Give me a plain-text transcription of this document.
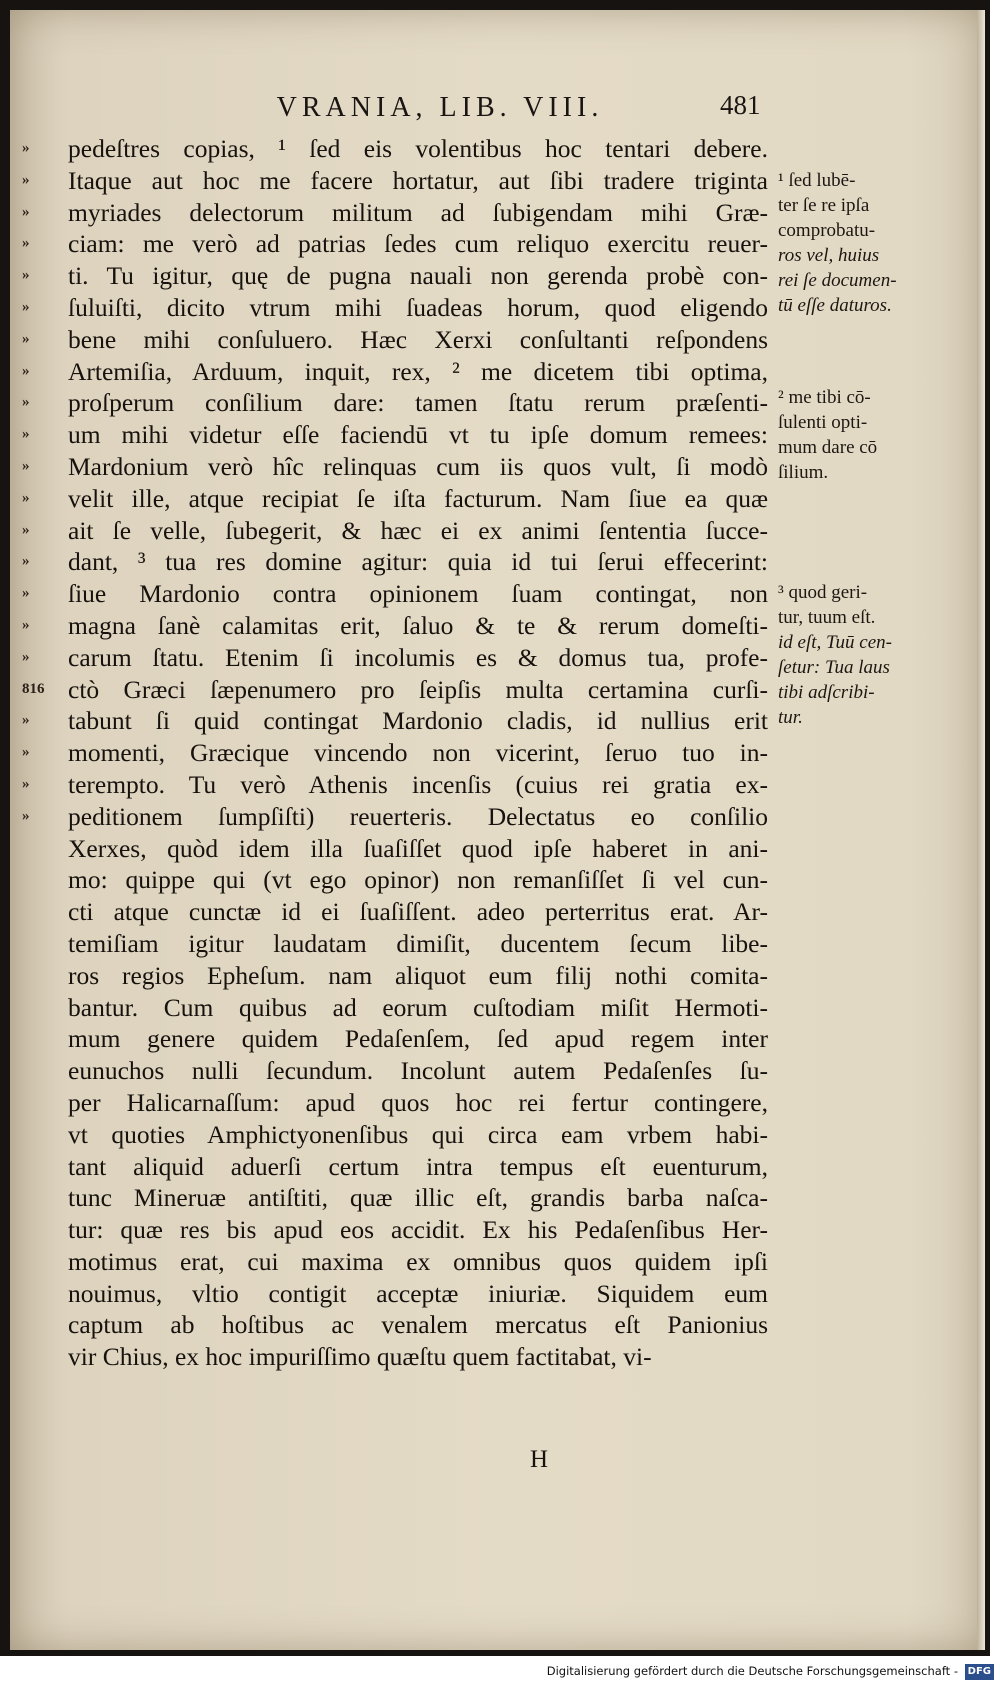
VRANIA, LIB. VIII.	481
»
»
»
»
»
»
»
»
»
»
»
»
»
»
»
»
»
816
»
»
»
»
pedeſtres copias, ¹ ſed eis volentibus hoc tentari debere.
Itaque aut hoc me facere hortatur, aut ſibi tradere triginta
myriades delectorum militum ad ſubigendam mihi Græ-
ciam: me verò ad patrias ſedes cum reliquo exercitu reuer-
ti. Tu igitur, quę de pugna nauali non gerenda probè con-
ſuluiſti, dicito vtrum mihi ſuadeas horum, quod eligendo
bene mihi conſuluero. Hæc Xerxi conſultanti reſpondens
Artemiſia, Arduum, inquit, rex, ² me dicetem tibi optima,
proſperum conſilium dare: tamen ſtatu rerum præſenti-
um mihi videtur eſſe faciendū vt tu ipſe domum remees:
Mardonium verò hîc relinquas cum iis quos vult, ſi modò
velit ille, atque recipiat ſe iſta facturum. Nam ſiue ea quæ
ait ſe velle, ſubegerit, & hæc ei ex animi ſententia ſucce-
dant, ³ tua res domine agitur: quia id tui ſerui effecerint:
ſiue Mardonio contra opinionem ſuam contingat, non
magna ſanè calamitas erit, ſaluo & te & rerum domeſti-
carum ſtatu. Etenim ſi incolumis es & domus tua, profe-
ctò Græci ſæpenumero pro ſeipſis multa certamina curſi-
tabunt ſi quid contingat Mardonio cladis, id nullius erit
momenti, Græcique vincendo non vicerint, ſeruo tuo in-
terempto. Tu verò Athenis incenſis (cuius rei gratia ex-
peditionem ſumpſiſti) reuerteris. Delectatus eo conſilio
Xerxes, quòd idem illa ſuaſiſſet quod ipſe haberet in ani-
mo: quippe qui (vt ego opinor) non remanſiſſet ſi vel cun-
cti atque cunctæ id ei ſuaſiſſent. adeo perterritus erat. Ar-
temiſiam igitur laudatam dimiſit, ducentem ſecum libe-
ros regios Epheſum. nam aliquot eum filij nothi comita-
bantur. Cum quibus ad eorum cuſtodiam miſit Hermoti-
mum genere quidem Pedaſenſem, ſed apud regem inter
eunuchos nulli ſecundum. Incolunt autem Pedaſenſes ſu-
per Halicarnaſſum: apud quos hoc rei fertur contingere,
vt quoties Amphictyonenſibus qui circa eam vrbem habi-
tant aliquid aduerſi certum intra tempus eſt euenturum,
tunc Mineruæ antiſtiti, quæ illic eſt, grandis barba naſca-
tur: quæ res bis apud eos accidit. Ex his Pedaſenſibus Her-
motimus erat, cui maxima ex omnibus quos quidem ipſi
nouimus, vltio contigit acceptæ iniuriæ. Siquidem eum
captum ab hoſtibus ac venalem mercatus eſt Panionius
vir Chius, ex hoc impuriſſimo quæſtu quem factitabat, vi-
¹ ſed lubē-
ter ſe re ipſa
comprobatu-
ros vel, huius
rei ſe documen-
tū eſſe daturos.
² me tibi cō-
ſulenti opti-
mum dare cō
ſilium.
³ quod geri-
tur, tuum eſt.
id eſt, Tuū cen-
ſetur: Tua laus
tibi adſcribi-
tur.
H
Digitalisierung gefördert durch die Deutsche Forschungsgemeinschaft - DFG
